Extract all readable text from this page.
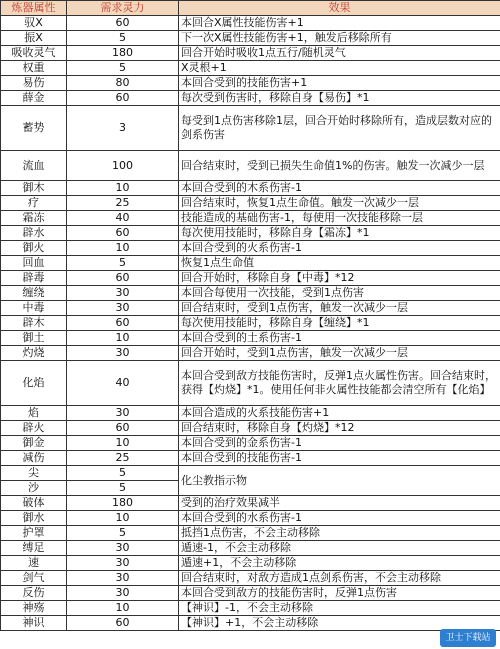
炼器属性	需求灵力	效果
驭X	60	本回合X属性技能伤害+1
振X	5	下一次X属性技能伤害+1，触发后移除所有
吸收灵气	180	回合开始时吸收1点五行/随机灵气
权重	5	X灵根+1
易伤	80	本回合受到的技能伤害+1
薛金	60	每次受到伤害时，移除自身【易伤】*1
蓄势	3	每受到1点伤害移除1层，回合开始时移除所有，造成层数对应的剑系伤害
流血	100	回合结束时，受到已损失生命值1%的伤害。触发一次减少一层
御木	10	本回合受到的木系伤害-1
疗	25	回合结束时，恢复1点生命值。触发一次减少一层
霜冻	40	技能造成的基础伤害-1，每使用一次技能移除一层
辟水	60	每次使用技能时，移除自身【霜冻】*1
御火	10	本回合受到的火系伤害-1
回血	5	恢复1点生命值
辟毒	60	回合开始时，移除自身【中毒】*12
缠绕	30	本回合每使用一次技能，受到1点伤害
中毒	30	回合结束时，受到1点伤害，触发一次减少一层
辟木	60	每次使用技能时，移除自身【缠绕】*1
御土	10	本回合受到的土系伤害-1
灼烧	30	回合开始时，受到1点伤害，触发一次减少一层
化焰	40	本回合受到敌方技能伤害时，反弹1点火属性伤害。回合结束时，获得【灼烧】*1。使用任何非火属性技能都会清空所有【化焰】
焰	30	本回合造成的火系技能伤害+1
辟火	60	回合结束时，移除自身【灼烧】*12
御金	10	本回合受到的金系伤害-1
减伤	25	本回合受到的技能伤害-1
尖	5	化尘教指示物
沙	5	
破体	180	受到的治疗效果减半
御水	10	本回合受到的水系伤害-1
护罩	5	抵挡1点伤害，不会主动移除
缚足	30	遁速-1，不会主动移除
速	30	遁速+1，不会主动移除
剑气	30	回合结束时，对敌方造成1点剑系伤害，不会主动移除
反伤	30	本回合受到敌方的技能伤害时，反弹1点伤害
神殇	10	【神识】-1，不会主动移除
神识	60	【神识】+1，不会主动移除
卫士下载站
